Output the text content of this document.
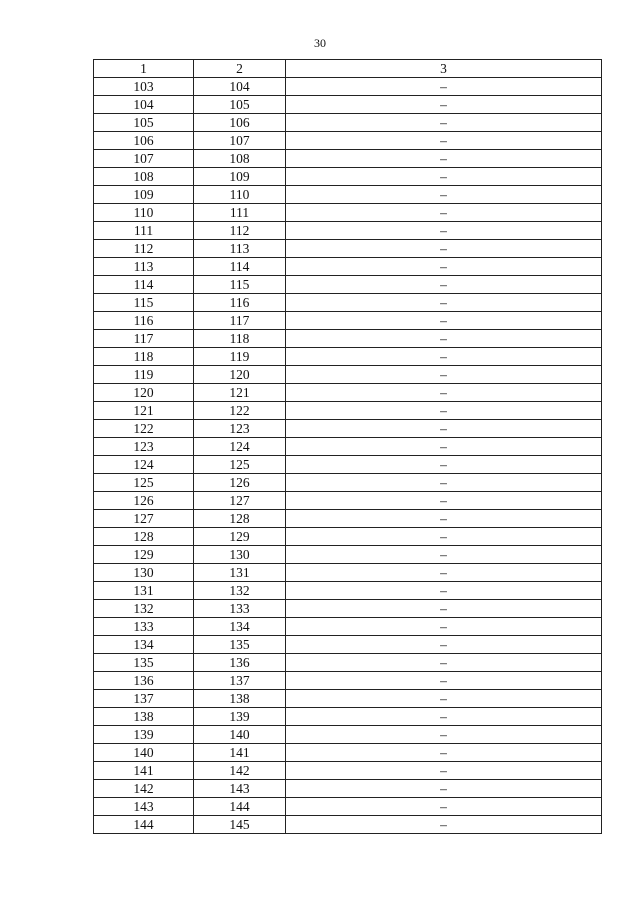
30
1	2	3
103	104	–
104	105	–
105	106	–
106	107	–
107	108	–
108	109	–
109	110	–
110	111	–
111	112	–
112	113	–
113	114	–
114	115	–
115	116	–
116	117	–
117	118	–
118	119	–
119	120	–
120	121	–
121	122	–
122	123	–
123	124	–
124	125	–
125	126	–
126	127	–
127	128	–
128	129	–
129	130	–
130	131	–
131	132	–
132	133	–
133	134	–
134	135	–
135	136	–
136	137	–
137	138	–
138	139	–
139	140	–
140	141	–
141	142	–
142	143	–
143	144	–
144	145	–
